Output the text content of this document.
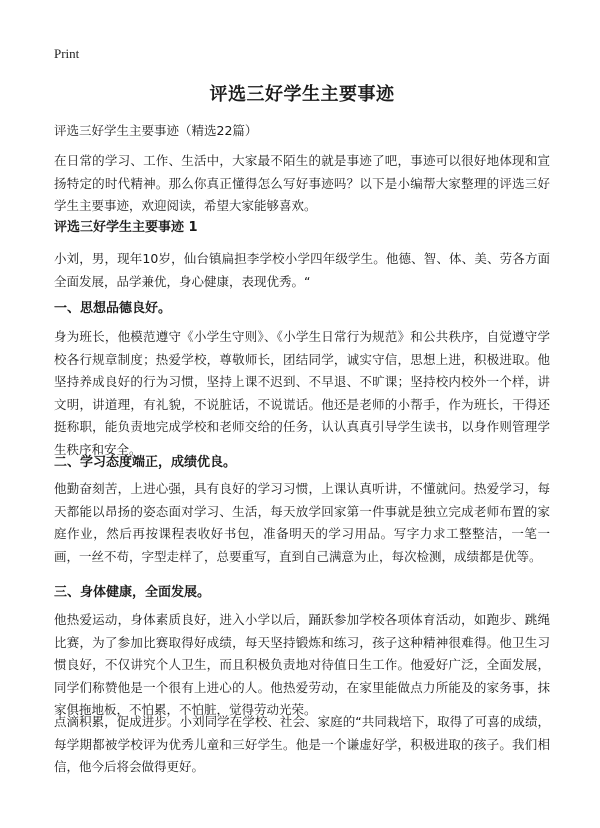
Print
评选三好学生主要事迹

评选三好学生主要事迹（精选22篇）

在日常的学习、工作、生活中，大家最不陌生的就是事迹了吧，事迹可以很好地体现和宣扬特定的时代精神。那么你真正懂得怎么写好事迹吗？以下是小编帮大家整理的评选三好学生主要事迹，欢迎阅读，希望大家能够喜欢。

评选三好学生主要事迹 1

小刘，男，现年10岁，仙台镇扁担李学校小学四年级学生。他德、智、体、美、劳各方面全面发展，品学兼优，身心健康，表现优秀。“

一、思想品德良好。

身为班长，他模范遵守《小学生守则》、《小学生日常行为规范》和公共秩序，自觉遵守学校各行规章制度；热爱学校，尊敬师长，团结同学，诚实守信，思想上进，积极进取。他坚持养成良好的行为习惯，坚持上课不迟到、不早退、不旷课；坚持校内校外一个样，讲文明，讲道理，有礼貌，不说脏话，不说谎话。他还是老师的小帮手，作为班长，干得还挺称职，能负责地完成学校和老师交给的任务，认认真真引导学生读书，以身作则管理学生秩序和安全。

二、学习态度端正，成绩优良。

他勤奋刻苦，上进心强，具有良好的学习习惯，上课认真听讲，不懂就问。热爱学习，每天都能以昂扬的姿态面对学习、生活，每天放学回家第一件事就是独立完成老师布置的家庭作业，然后再按课程表收好书包，准备明天的学习用品。写字力求工整整洁，一笔一画，一丝不苟，字型走样了，总要重写，直到自己满意为止，每次检测，成绩都是优等。

三、身体健康，全面发展。

他热爱运动，身体素质良好，进入小学以后，踊跃参加学校各项体育活动，如跑步、跳绳比赛，为了参加比赛取得好成绩，每天坚持锻炼和练习，孩子这种精神很难得。他卫生习惯良好，不仅讲究个人卫生，而且积极负责地对待值日生工作。他爱好广泛，全面发展，同学们称赞他是一个很有上进心的人。他热爱劳动，在家里能做点力所能及的家务事，抹家俱拖地板，不怕累，不怕脏，觉得劳动光荣。

点滴积累，促成进步。小刘同学在学校、社会、家庭的“共同栽培下，取得了可喜的成绩，每学期都被学校评为优秀儿童和三好学生。他是一个谦虚好学，积极进取的孩子。我们相信，他今后将会做得更好。
